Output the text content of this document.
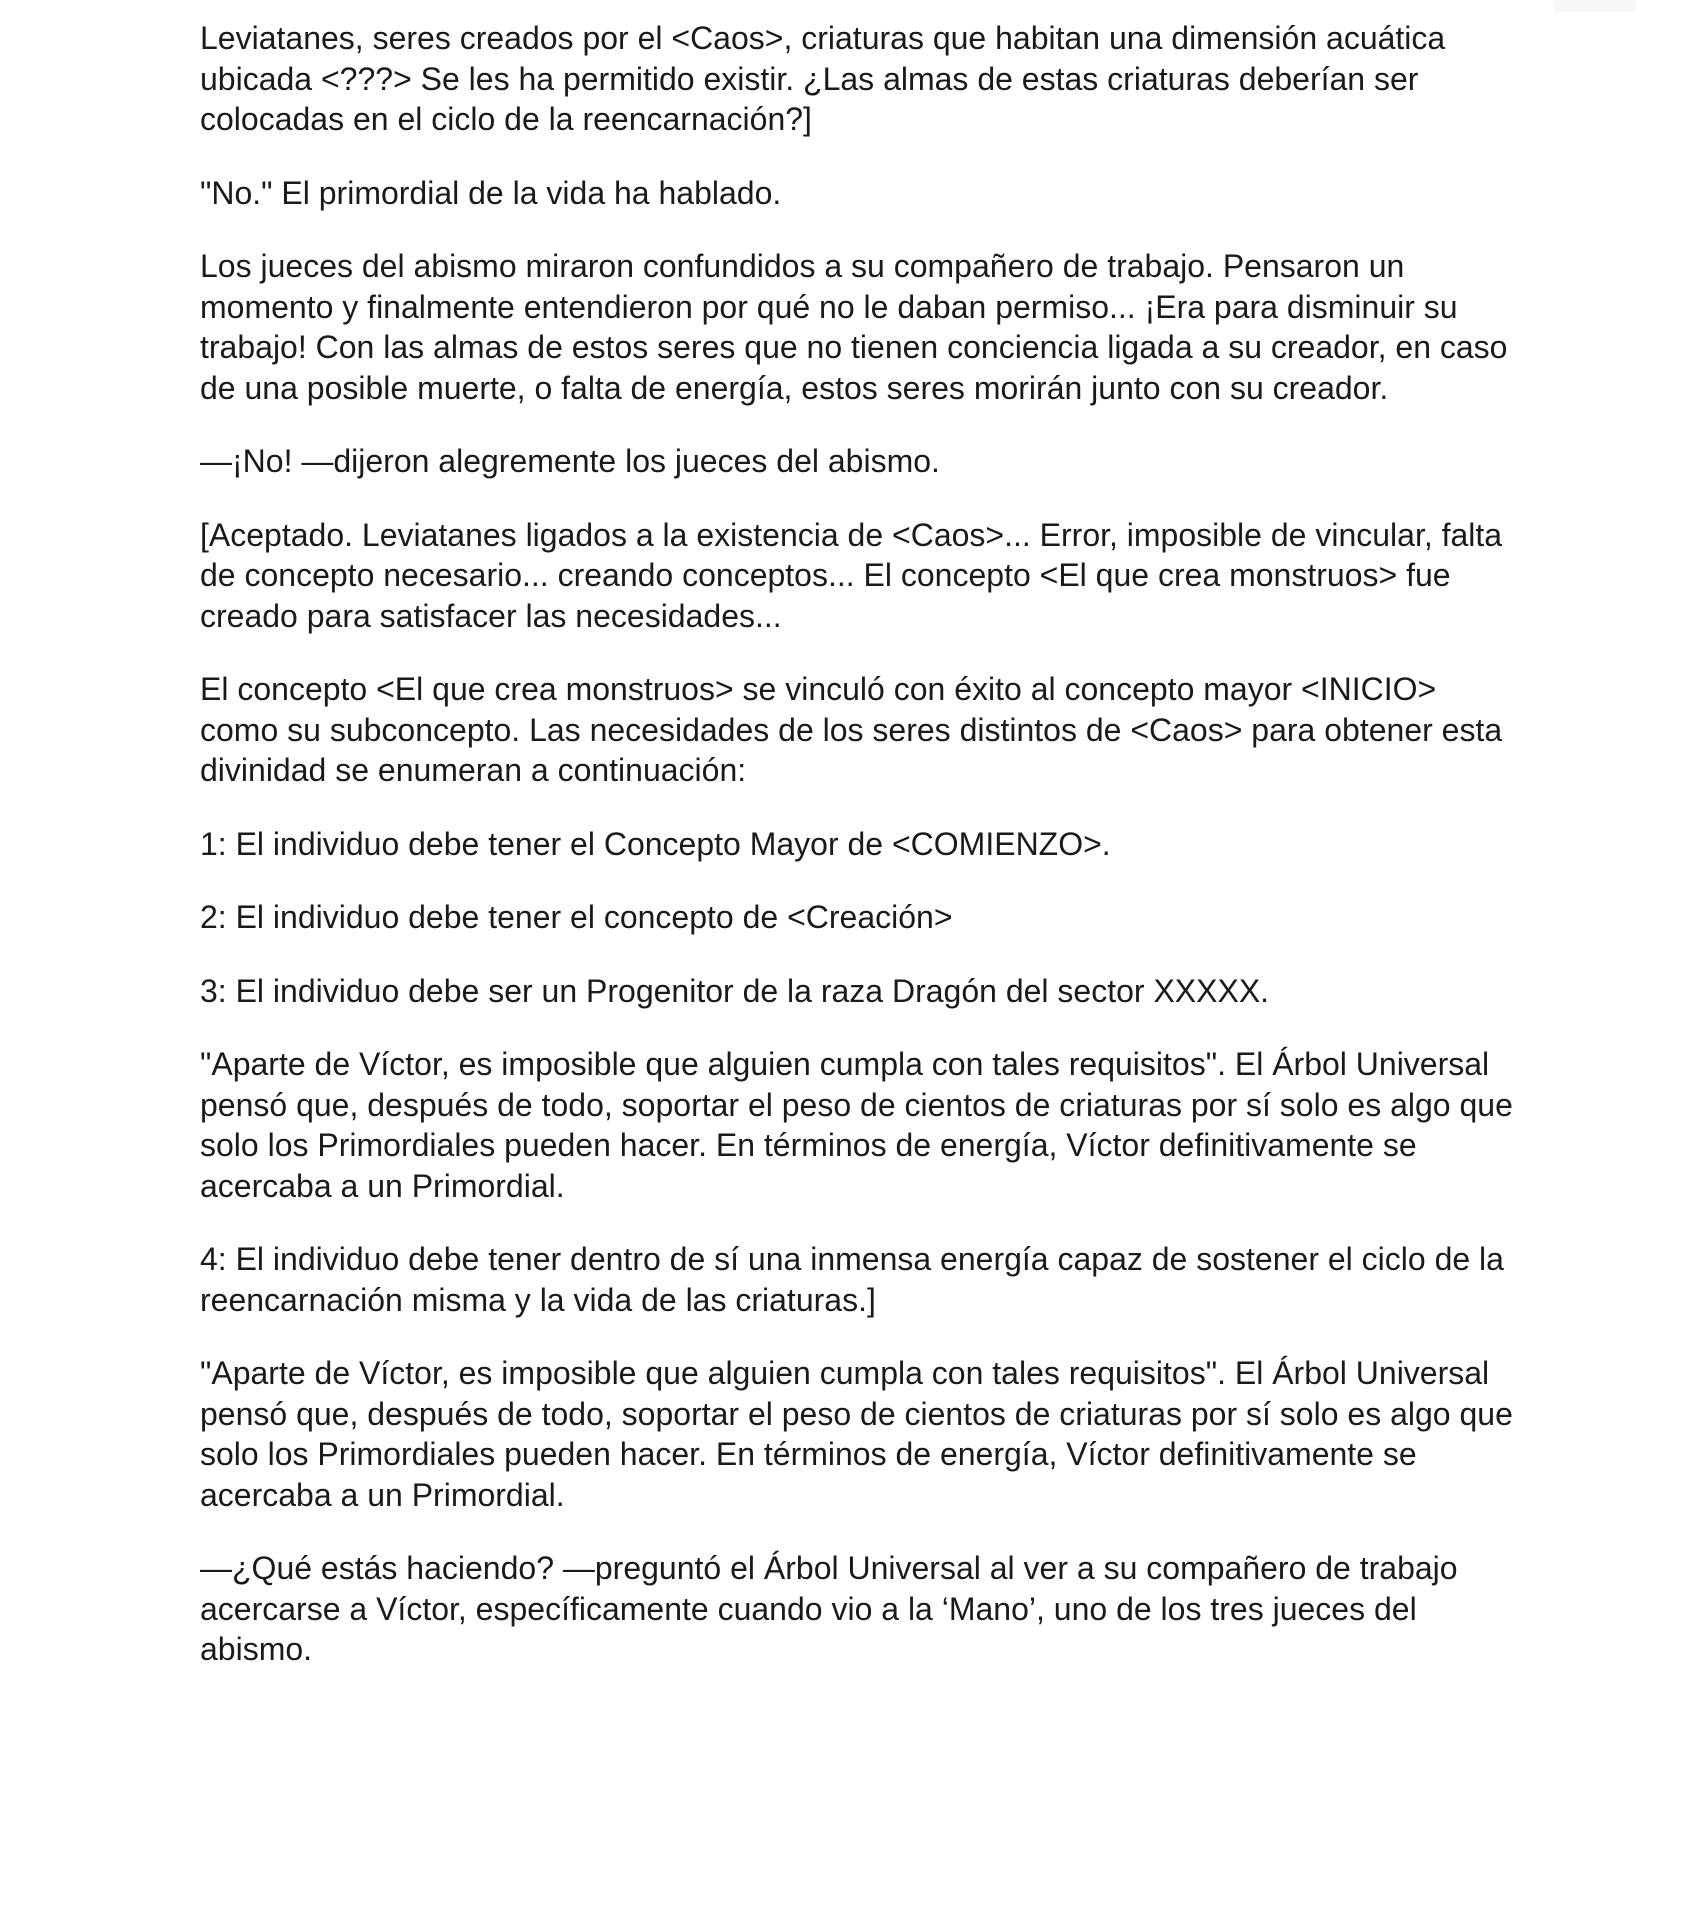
Leviatanes, seres creados por el <Caos>, criaturas que habitan una dimensión acuática ubicada <???> Se les ha permitido existir. ¿Las almas de estas criaturas deberían ser colocadas en el ciclo de la reencarnación?]

"No." El primordial de la vida ha hablado.

Los jueces del abismo miraron confundidos a su compañero de trabajo. Pensaron un momento y finalmente entendieron por qué no le daban permiso... ¡Era para disminuir su trabajo! Con las almas de estos seres que no tienen conciencia ligada a su creador, en caso de una posible muerte, o falta de energía, estos seres morirán junto con su creador.

—¡No! —dijeron alegremente los jueces del abismo.

[Aceptado. Leviatanes ligados a la existencia de <Caos>... Error, imposible de vincular, falta de concepto necesario... creando conceptos... El concepto <El que crea monstruos> fue creado para satisfacer las necesidades...

El concepto <El que crea monstruos> se vinculó con éxito al concepto mayor <INICIO> como su subconcepto. Las necesidades de los seres distintos de <Caos> para obtener esta divinidad se enumeran a continuación:

1: El individuo debe tener el Concepto Mayor de <COMIENZO>.

2: El individuo debe tener el concepto de <Creación>

3: El individuo debe ser un Progenitor de la raza Dragón del sector XXXXX.

"Aparte de Víctor, es imposible que alguien cumpla con tales requisitos". El Árbol Universal pensó que, después de todo, soportar el peso de cientos de criaturas por sí solo es algo que solo los Primordiales pueden hacer. En términos de energía, Víctor definitivamente se acercaba a un Primordial.

4: El individuo debe tener dentro de sí una inmensa energía capaz de sostener el ciclo de la reencarnación misma y la vida de las criaturas.]

"Aparte de Víctor, es imposible que alguien cumpla con tales requisitos". El Árbol Universal pensó que, después de todo, soportar el peso de cientos de criaturas por sí solo es algo que solo los Primordiales pueden hacer. En términos de energía, Víctor definitivamente se acercaba a un Primordial.

—¿Qué estás haciendo? —preguntó el Árbol Universal al ver a su compañero de trabajo acercarse a Víctor, específicamente cuando vio a la ‘Mano’, uno de los tres jueces del abismo.
